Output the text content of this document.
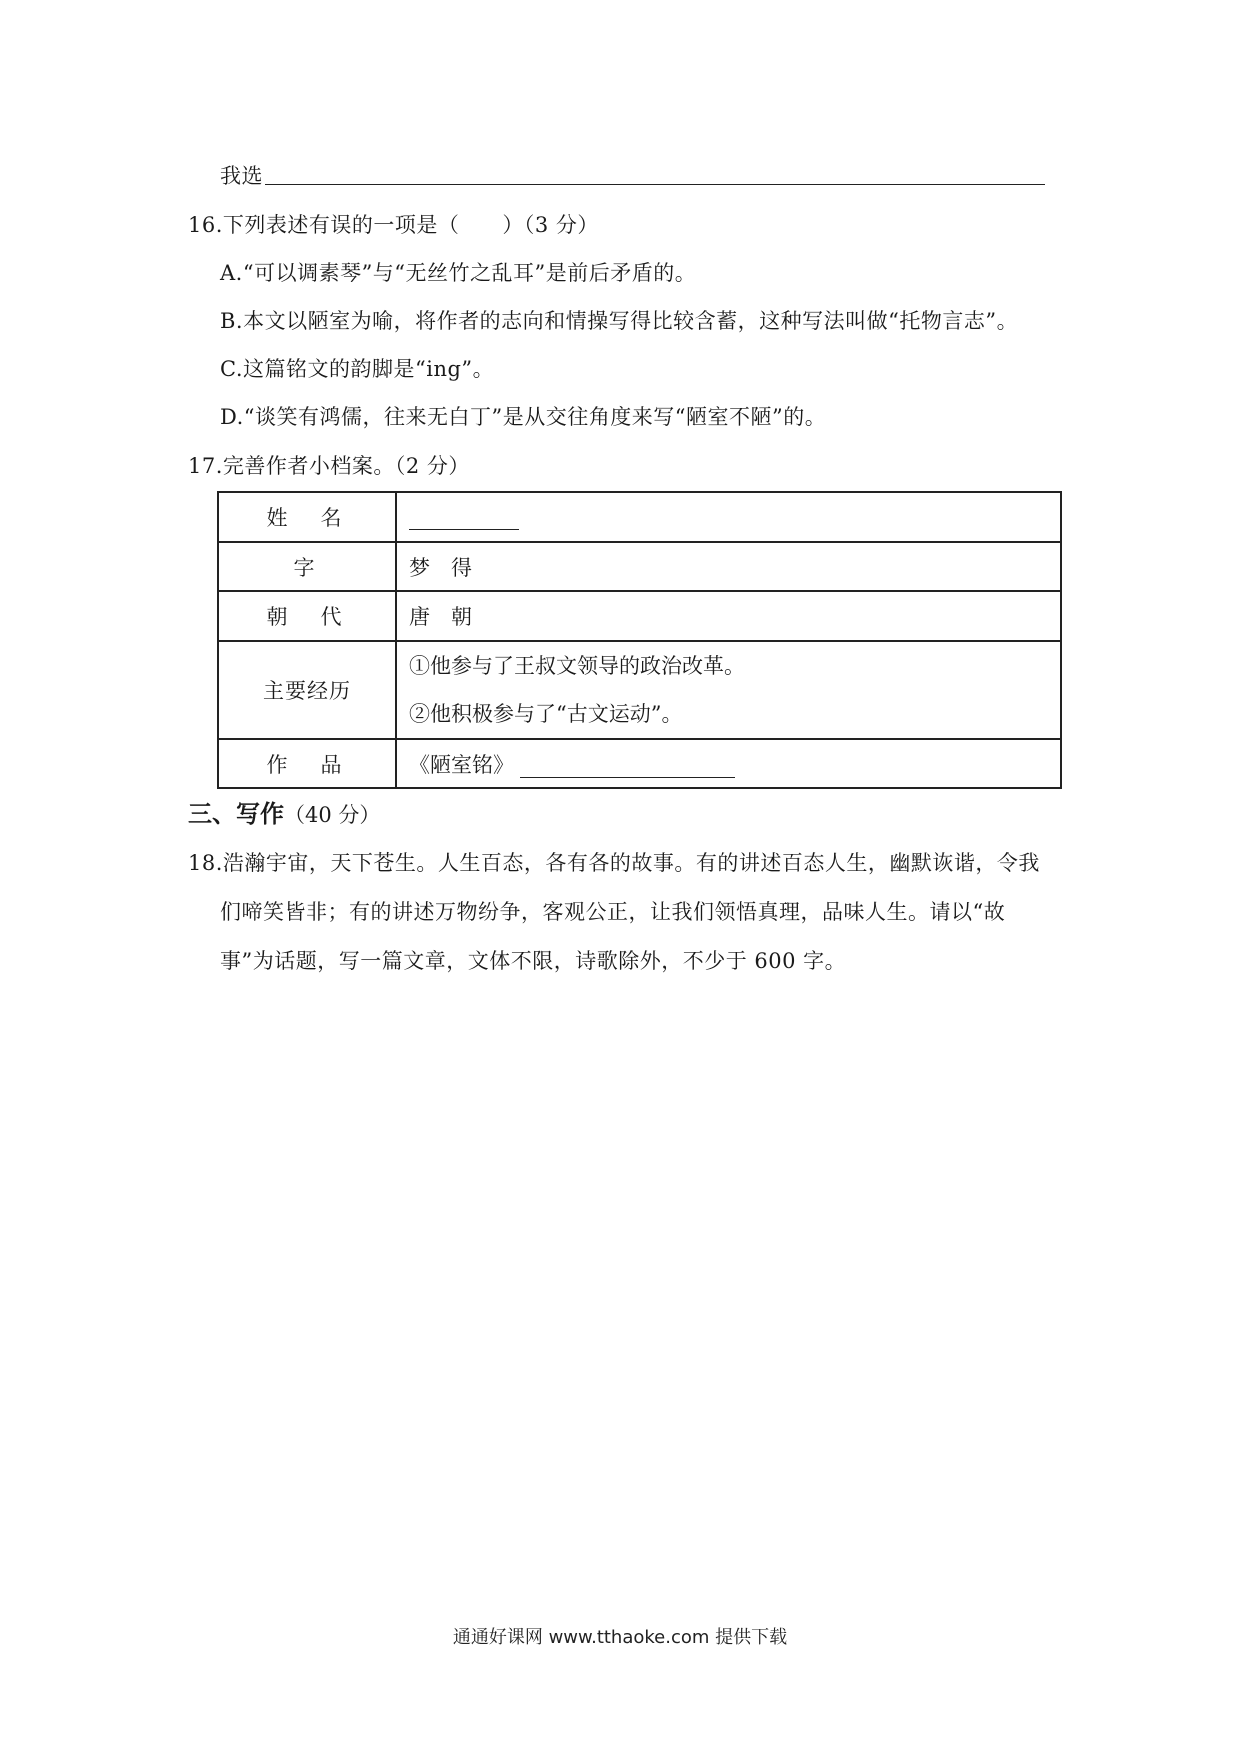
我选
16.下列表述有误的一项是（　　）（3 分）
A.“可以调素琴”与“无丝竹之乱耳”是前后矛盾的。
B.本文以陋室为喻，将作者的志向和情操写得比较含蓄，这种写法叫做“托物言志”。
C.这篇铭文的韵脚是“ing”。
D.“谈笑有鸿儒，往来无白丁”是从交往角度来写“陋室不陋”的。
17.完善作者小档案。（2 分）
姓　名	
字	梦　得
朝　代	唐　朝
主要经历	①他参与了王叔文领导的政治改革。
②他积极参与了“古文运动”。

作　品	《陋室铭》
三、写作（40 分）
18.浩瀚宇宙，天下苍生。人生百态，各有各的故事。有的讲述百态人生，幽默诙谐，令我
们啼笑皆非；有的讲述万物纷争，客观公正，让我们领悟真理，品味人生。请以“故
事”为话题，写一篇文章，文体不限，诗歌除外，不少于 600 字。
通通好课网 www.tthaoke.com 提供下载
